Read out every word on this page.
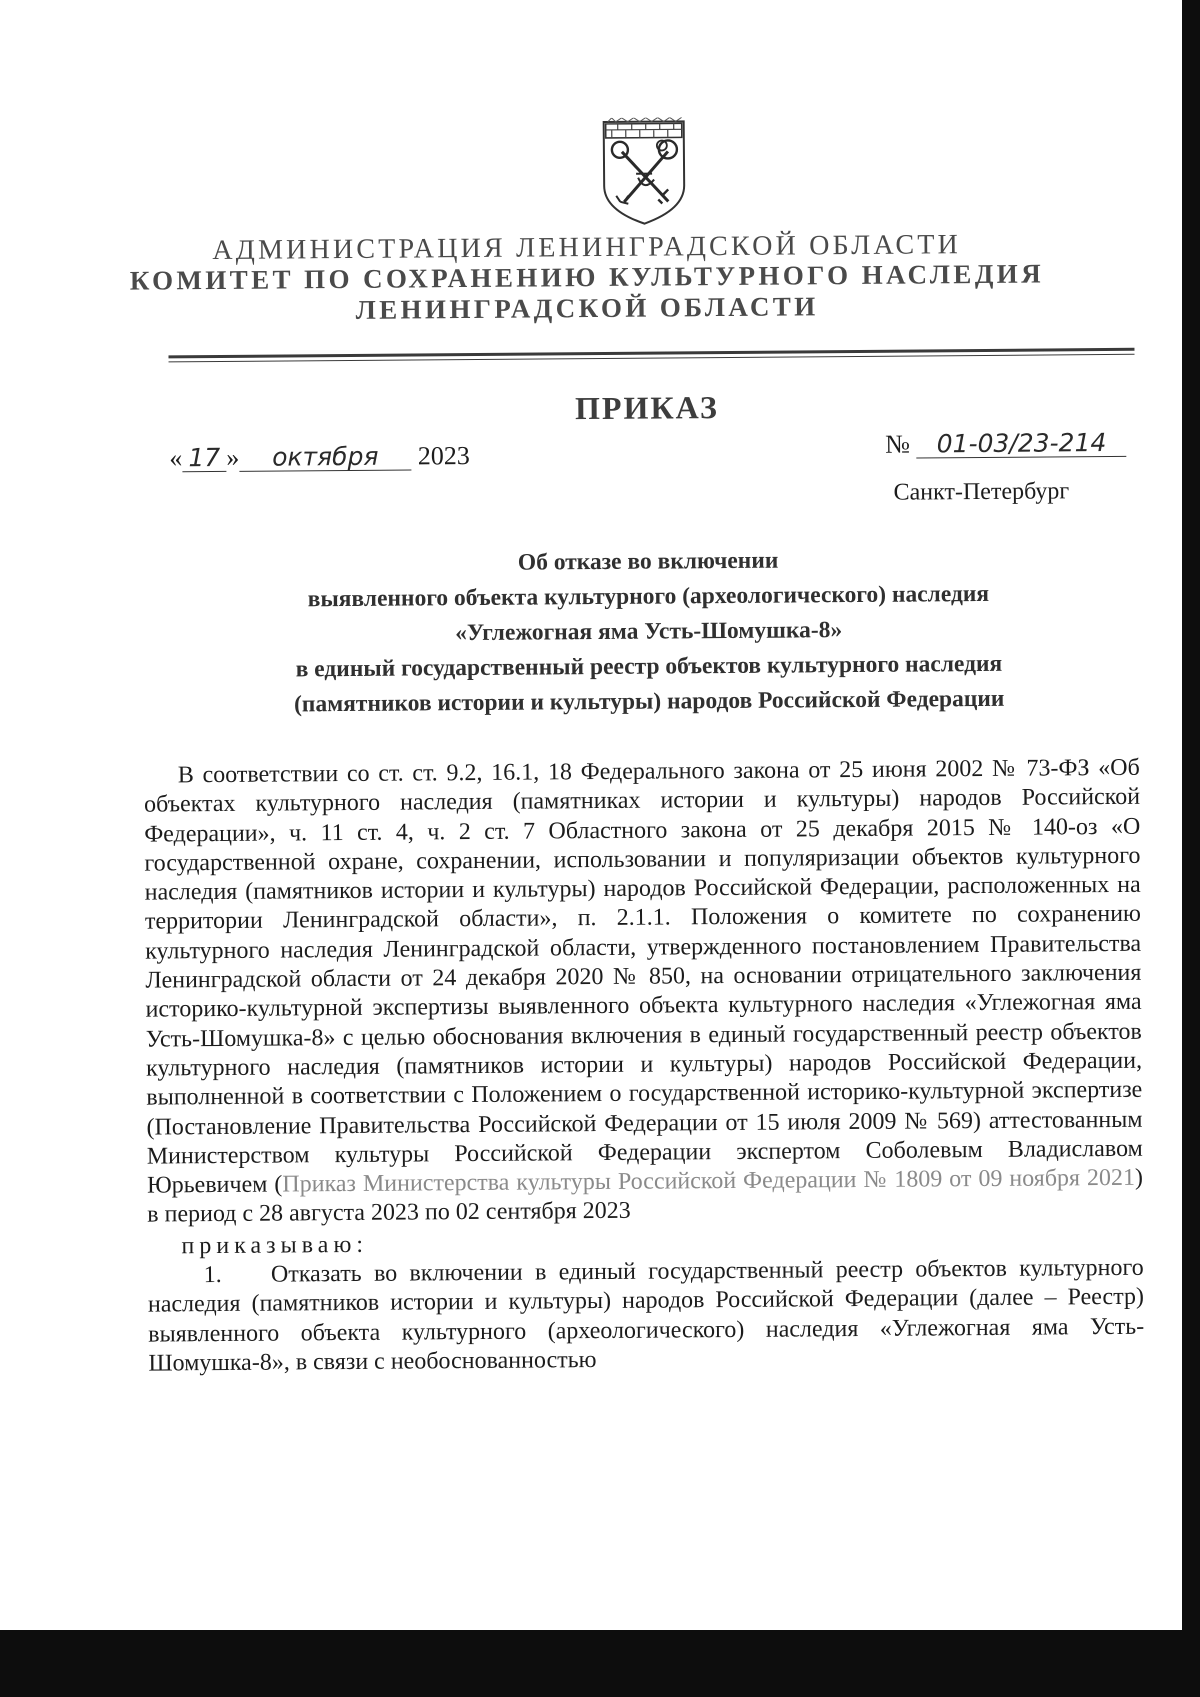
АДМИНИСТРАЦИЯ ЛЕНИНГРАДСКОЙ ОБЛАСТИ
КОМИТЕТ ПО СОХРАНЕНИЮ КУЛЬТУРНОГО НАСЛЕДИЯ
ЛЕНИНГРАДСКОЙ ОБЛАСТИ
ПРИКАЗ
« 17 » октября 2023	№ 01-03/23-214
Санкт-Петербург
Об отказе во включении
выявленного объекта культурного (археологического) наследия
«Углежогная яма Усть-Шомушка-8»
в единый государственный реестр объектов культурного наследия
(памятников истории и культуры) народов Российской Федерации
В соответствии со ст. ст. 9.2, 16.1, 18 Федерального закона от 25 июня 2002 № 73-ФЗ «Об объектах культурного наследия (памятниках истории и культуры) народов Российской Федерации», ч. 11 ст. 4, ч. 2 ст. 7 Областного закона от 25 декабря 2015 № 140-оз «О государственной охране, сохранении, использовании и популяризации объектов культурного наследия (памятников истории и культуры) народов Российской Федерации, расположенных на территории Ленинградской области», п. 2.1.1. Положения о комитете по сохранению культурного наследия Ленинградской области, утвержденного постановлением Правительства Ленинградской области от 24 декабря 2020 № 850, на основании отрицательного заключения историко-культурной экспертизы выявленного объекта культурного наследия «Углежогная яма Усть-Шомушка-8» с целью обоснования включения в единый государственный реестр объектов культурного наследия (памятников истории и культуры) народов Российской Федерации, выполненной в соответствии с Положением о государственной историко-культурной экспертизе (Постановление Правительства Российской Федерации от 15 июля 2009 № 569) аттестованным Министерством культуры Российской Федерации экспертом Соболевым Владиславом Юрьевичем (Приказ Министерства культуры Российской Федерации № 1809 от 09 ноября 2021) в период с 28 августа 2023 по 02 сентября 2023
приказываю:
1. Отказать во включении в единый государственный реестр объектов культурного наследия (памятников истории и культуры) народов Российской Федерации (далее – Реестр) выявленного объекта культурного (археологического) наследия «Углежогная яма Усть-Шомушка-8», в связи с необоснованностью
